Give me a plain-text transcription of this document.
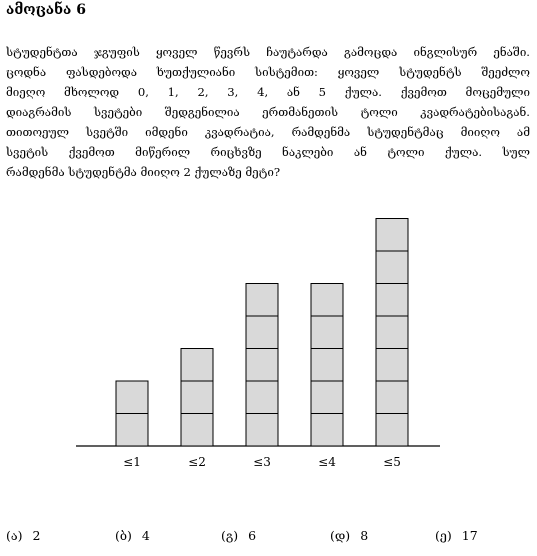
ამოცანა 6
სტუდენტთა ჯგუფის ყოველ წევრს ჩაუტარდა გამოცდა ინგლისურ ენაში.
ცოდნა ფასდებოდა ხუთქულიანი სისტემით: ყოველ სტუდენტს შეეძლო
მიეღო მხოლოდ 0, 1, 2, 3, 4, ან 5 ქულა. ქვემოთ მოცემული
დიაგრამის სვეტები შედგენილია ერთმანეთის ტოლი კვადრატებისაგან.
თითოეულ სვეტში იმდენი კვადრატია, რამდენმა სტუდენტმაც მიიღო ამ
სვეტის ქვემოთ მიწერილ რიცხვზე ნაკლები ან ტოლი ქულა. სულ
რამდენმა სტუდენტმა მიიღო 2 ქულაზე მეტი?
≤1	≤2	≤3	≤4	≤5
(ა) 2	(ბ) 4	(გ) 6	(დ) 8	(ე) 17
